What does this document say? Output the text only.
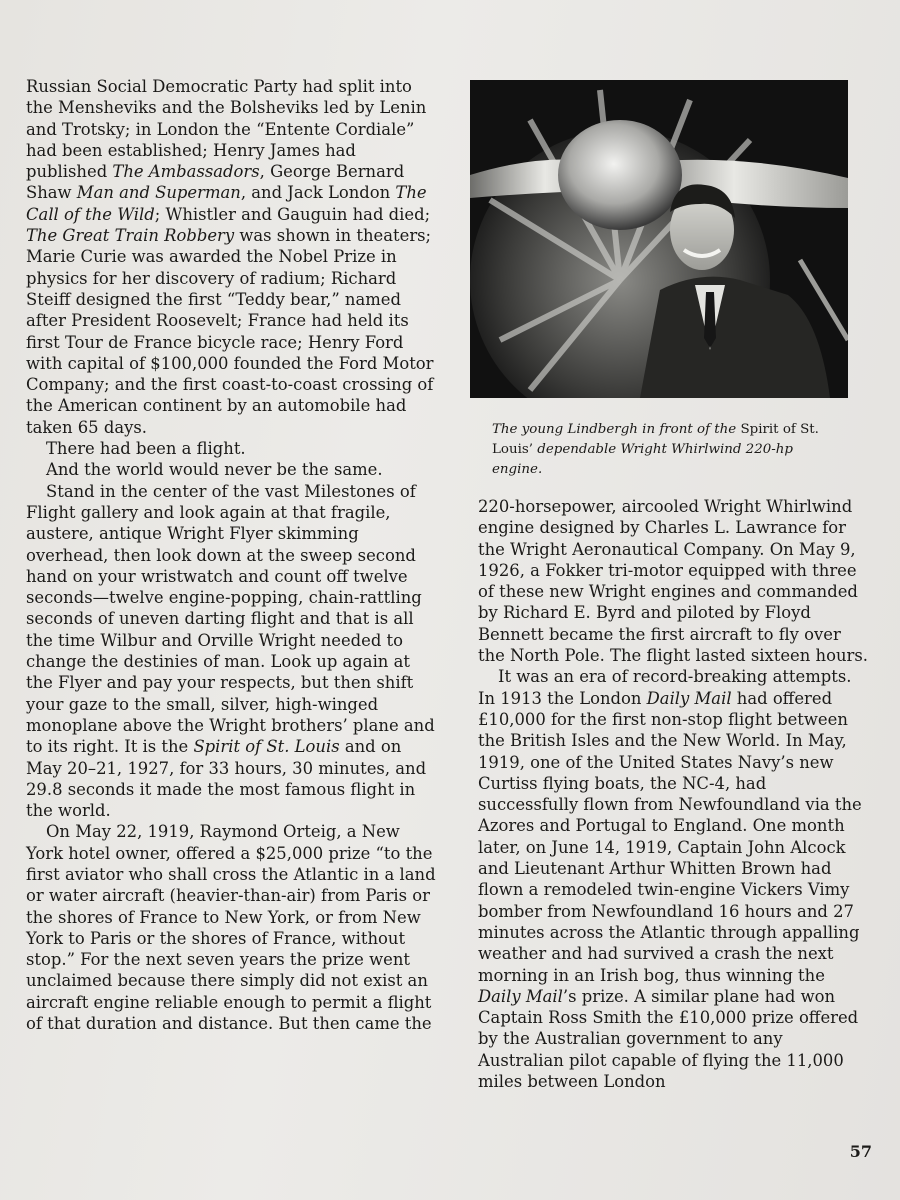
Russian Social Democratic Party had split into the Mensheviks and the Bolsheviks led by Lenin and Trotsky; in London the “Entente Cordiale” had been established; Henry James had published The Ambassadors, George Bernard Shaw Man and Superman, and Jack London The Call of the Wild; Whistler and Gauguin had died; The Great Train Robbery was shown in theaters; Marie Curie was awarded the Nobel Prize in physics for her discovery of radium; Richard Steiff designed the first “Teddy bear,” named after President Roosevelt; France had held its first Tour de France bicycle race; Henry Ford with capital of $100,000 founded the Ford Motor Company; and the first coast-to-coast crossing of the American continent by an automobile had taken 65 days.

There had been a flight.

And the world would never be the same.

Stand in the center of the vast Milestones of Flight gallery and look again at that fragile, austere, antique Wright Flyer skimming overhead, then look down at the sweep second hand on your wristwatch and count off twelve seconds—twelve engine-popping, chain-rattling seconds of uneven darting flight and that is all the time Wilbur and Orville Wright needed to change the destinies of man. Look up again at the Flyer and pay your respects, but then shift your gaze to the small, silver, high-winged monoplane above the Wright brothers’ plane and to its right. It is the Spirit of St. Louis and on May 20–21, 1927, for 33 hours, 30 minutes, and 29.8 seconds it made the most famous flight in the world.

On May 22, 1919, Raymond Orteig, a New York hotel owner, offered a $25,000 prize “to the first aviator who shall cross the Atlantic in a land or water aircraft (heavier-than-air) from Paris or the shores of France to New York, or from New York to Paris or the shores of France, without stop.” For the next seven years the prize went unclaimed because there simply did not exist an aircraft engine reliable enough to permit a flight of that duration and distance. But then came the

The young Lindbergh in front of the Spirit of St. Louis’ dependable Wright Whirlwind 220-hp engine.

220-horsepower, aircooled Wright Whirlwind engine designed by Charles L. Lawrance for the Wright Aeronautical Company. On May 9, 1926, a Fokker tri-motor equipped with three of these new Wright engines and commanded by Richard E. Byrd and piloted by Floyd Bennett became the first aircraft to fly over the North Pole. The flight lasted sixteen hours.

It was an era of record-breaking attempts. In 1913 the London Daily Mail had offered £10,000 for the first non-stop flight between the British Isles and the New World. In May, 1919, one of the United States Navy’s new Curtiss flying boats, the NC-4, had successfully flown from Newfoundland via the Azores and Portugal to England. One month later, on June 14, 1919, Captain John Alcock and Lieutenant Arthur Whitten Brown had flown a remodeled twin-engine Vickers Vimy bomber from Newfoundland 16 hours and 27 minutes across the Atlantic through appalling weather and had survived a crash the next morning in an Irish bog, thus winning the Daily Mail’s prize. A similar plane had won Captain Ross Smith the £10,000 prize offered by the Australian government to any Australian pilot capable of flying the 11,000 miles between London

57
